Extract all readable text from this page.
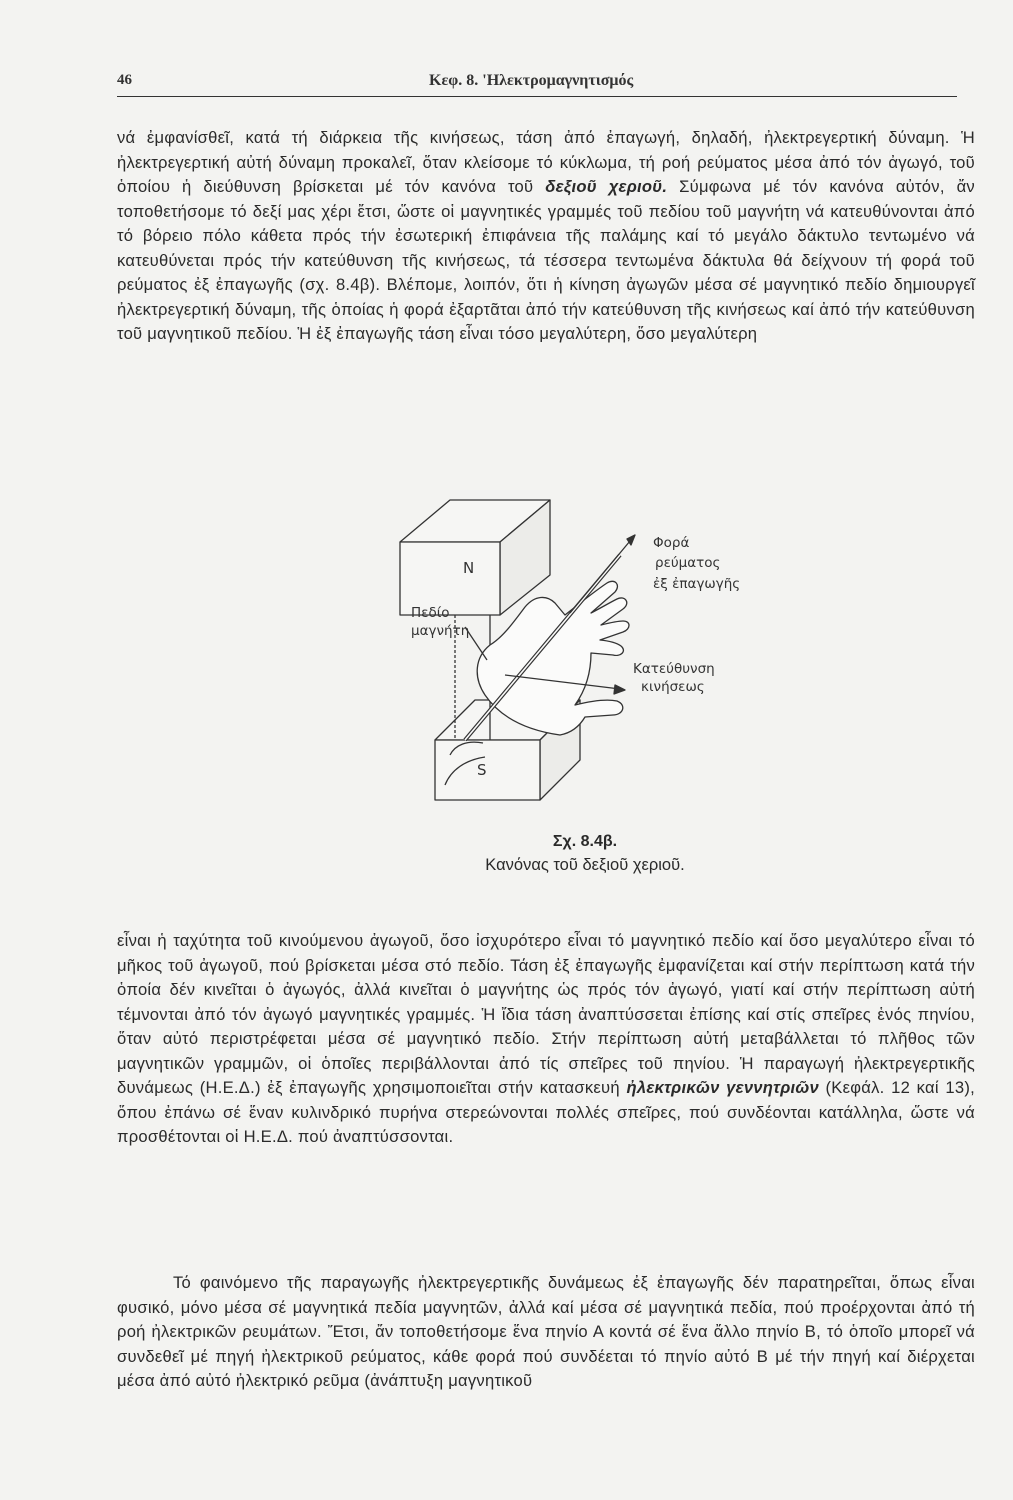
46	Κεφ. 8. 'Ηλεκτρομαγνητισμός

νά ἐμφανίσθεῖ, κατά τή διάρκεια τῆς κινήσεως, τάση ἀπό ἐπαγωγή, δηλαδή, ἠλεκτρεγερτική δύναμη. Ἡ ἠλεκτρεγερτική αὐτή δύναμη προκαλεῖ, ὅταν κλείσομε τό κύκλωμα, τή ροή ρεύματος μέσα ἀπό τόν ἀγωγό, τοῦ ὁποίου ἡ διεύθυνση βρίσκεται μέ τόν κανόνα τοῦ δεξιοῦ χεριοῦ. Σύμφωνα μέ τόν κανόνα αὐτόν, ἄν τοποθετήσομε τό δεξί μας χέρι ἔτσι, ὥστε οἱ μαγνητικές γραμμές τοῦ πεδίου τοῦ μαγνήτη νά κατευθύνονται ἀπό τό βόρειο πόλο κάθετα πρός τήν ἐσωτερική ἐπιφάνεια τῆς παλάμης καί τό μεγάλο δάκτυλο τεντωμένο νά κατευθύνεται πρός τήν κατεύθυνση τῆς κινήσεως, τά τέσσερα τεντωμένα δάκτυλα θά δείχνουν τή φορά τοῦ ρεύματος ἐξ ἐπαγωγῆς (σχ. 8.4β). Βλέπομε, λοιπόν, ὅτι ἡ κίνηση ἀγωγῶν μέσα σέ μαγνητικό πεδίο δημιουργεῖ ἠλεκτρεγερτική δύναμη, τῆς ὁποίας ἡ φορά ἐξαρτᾶται ἀπό τήν κατεύθυνση τῆς κινήσεως καί ἀπό τήν κατεύθυνση τοῦ μαγνητικοῦ πεδίου. Ἡ ἐξ ἐπαγωγῆς τάση εἶναι τόσο μεγαλύτερη, ὅσο μεγαλύτερη

N
S
Πεδίο
μαγνήτη
Φορά
ρεύματος
ἐξ ἐπαγωγῆς
Κατεύθυνση
κινήσεως
Σχ. 8.4β.
Κανόνας τοῦ δεξιοῦ χεριοῦ.

εἶναι ἡ ταχύτητα τοῦ κινούμενου ἀγωγοῦ, ὅσο ἰσχυρότερο εἶναι τό μαγνητικό πεδίο καί ὅσο μεγαλύτερο εἶναι τό μῆκος τοῦ ἀγωγοῦ, πού βρίσκεται μέσα στό πεδίο. Τάση ἐξ ἐπαγωγῆς ἐμφανίζεται καί στήν περίπτωση κατά τήν ὁποία δέν κινεῖται ὁ ἀγωγός, ἀλλά κινεῖται ὁ μαγνήτης ὡς πρός τόν ἀγωγό, γιατί καί στήν περίπτωση αὐτή τέμνονται ἀπό τόν ἀγωγό μαγνητικές γραμμές. Ἡ ἴδια τάση ἀναπτύσσεται ἐπίσης καί στίς σπεῖρες ἑνός πηνίου, ὅταν αὐτό περιστρέφεται μέσα σέ μαγνητικό πεδίο. Στήν περίπτωση αὐτή μεταβάλλεται τό πλῆθος τῶν μαγνητικῶν γραμμῶν, οἱ ὁποῖες περιβάλλονται ἀπό τίς σπεῖρες τοῦ πηνίου. Ἡ παραγωγή ἠλεκτρεγερτικῆς δυνάμεως (Η.Ε.Δ.) ἐξ ἐπαγωγῆς χρησιμοποιεῖται στήν κατασκευή ἠλεκτρικῶν γεννητριῶν (Κεφάλ. 12 καί 13), ὅπου ἐπάνω σέ ἕναν κυλινδρικό πυρήνα στερεώνονται πολλές σπεῖρες, πού συνδέονται κατάλληλα, ὥστε νά προσθέτονται οἱ Η.Ε.Δ. πού ἀναπτύσσονται.

Τό φαινόμενο τῆς παραγωγῆς ἠλεκτρεγερτικῆς δυνάμεως ἐξ ἐπαγωγῆς δέν παρατηρεῖται, ὅπως εἶναι φυσικό, μόνο μέσα σέ μαγνητικά πεδία μαγνητῶν, ἀλλά καί μέσα σέ μαγνητικά πεδία, πού προέρχονται ἀπό τή ροή ἠλεκτρικῶν ρευμάτων. Ἔτσι, ἄν τοποθετήσομε ἕνα πηνίο Α κοντά σέ ἕνα ἄλλο πηνίο Β, τό ὁποῖο μπορεῖ νά συνδεθεῖ μέ πηγή ἠλεκτρικοῦ ρεύματος, κάθε φορά πού συνδέεται τό πηνίο αὐτό Β μέ τήν πηγή καί διέρχεται μέσα ἀπό αὐτό ἠλεκτρικό ρεῦμα (ἀνάπτυξη μαγνητικοῦ
